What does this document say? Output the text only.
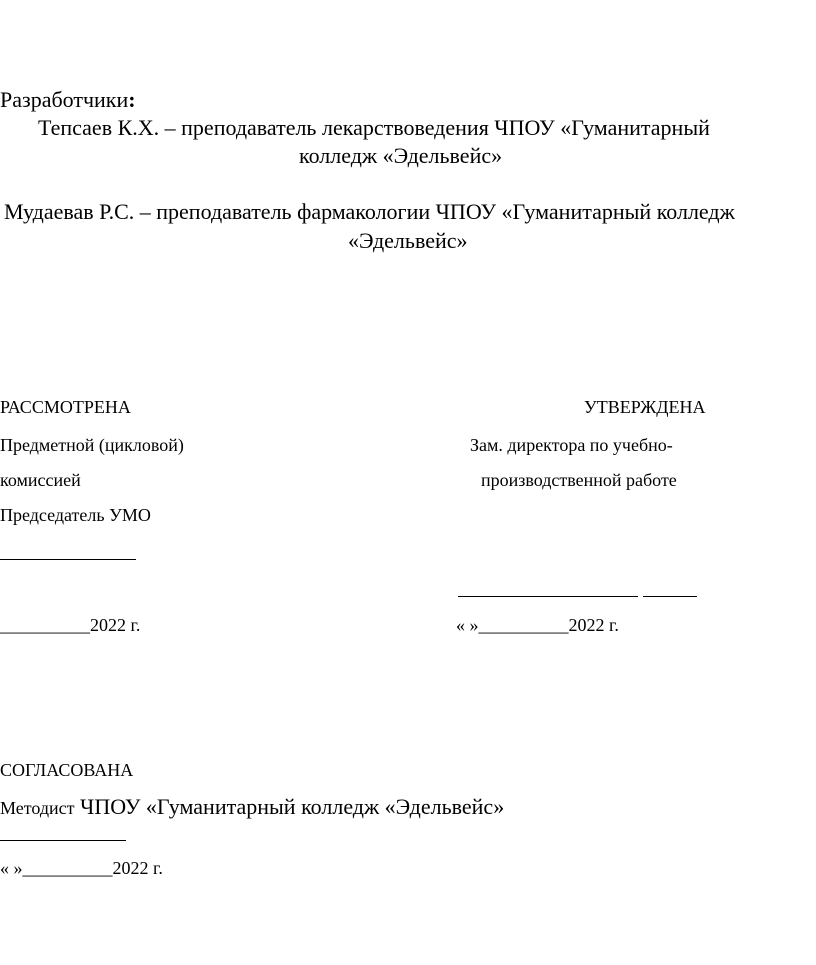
Разработчики:
Тепсаев К.Х. – преподаватель лекарствоведения ЧПОУ «Гуманитарный
колледж «Эдельвейс»
Мудаевав Р.С. – преподаватель фармакологии ЧПОУ «Гуманитарный колледж
«Эдельвейс»
РАССМОТРЕНА
Предметной (цикловой)
комиссией
Председатель УМО
__________2022 г.
УТВЕРЖДЕНА
Зам. директора по учебно-
производственной работе
« »__________2022 г.
СОГЛАСОВАНА
Методист ЧПОУ «Гуманитарный колледж «Эдельвейс»
« »__________2022 г.
